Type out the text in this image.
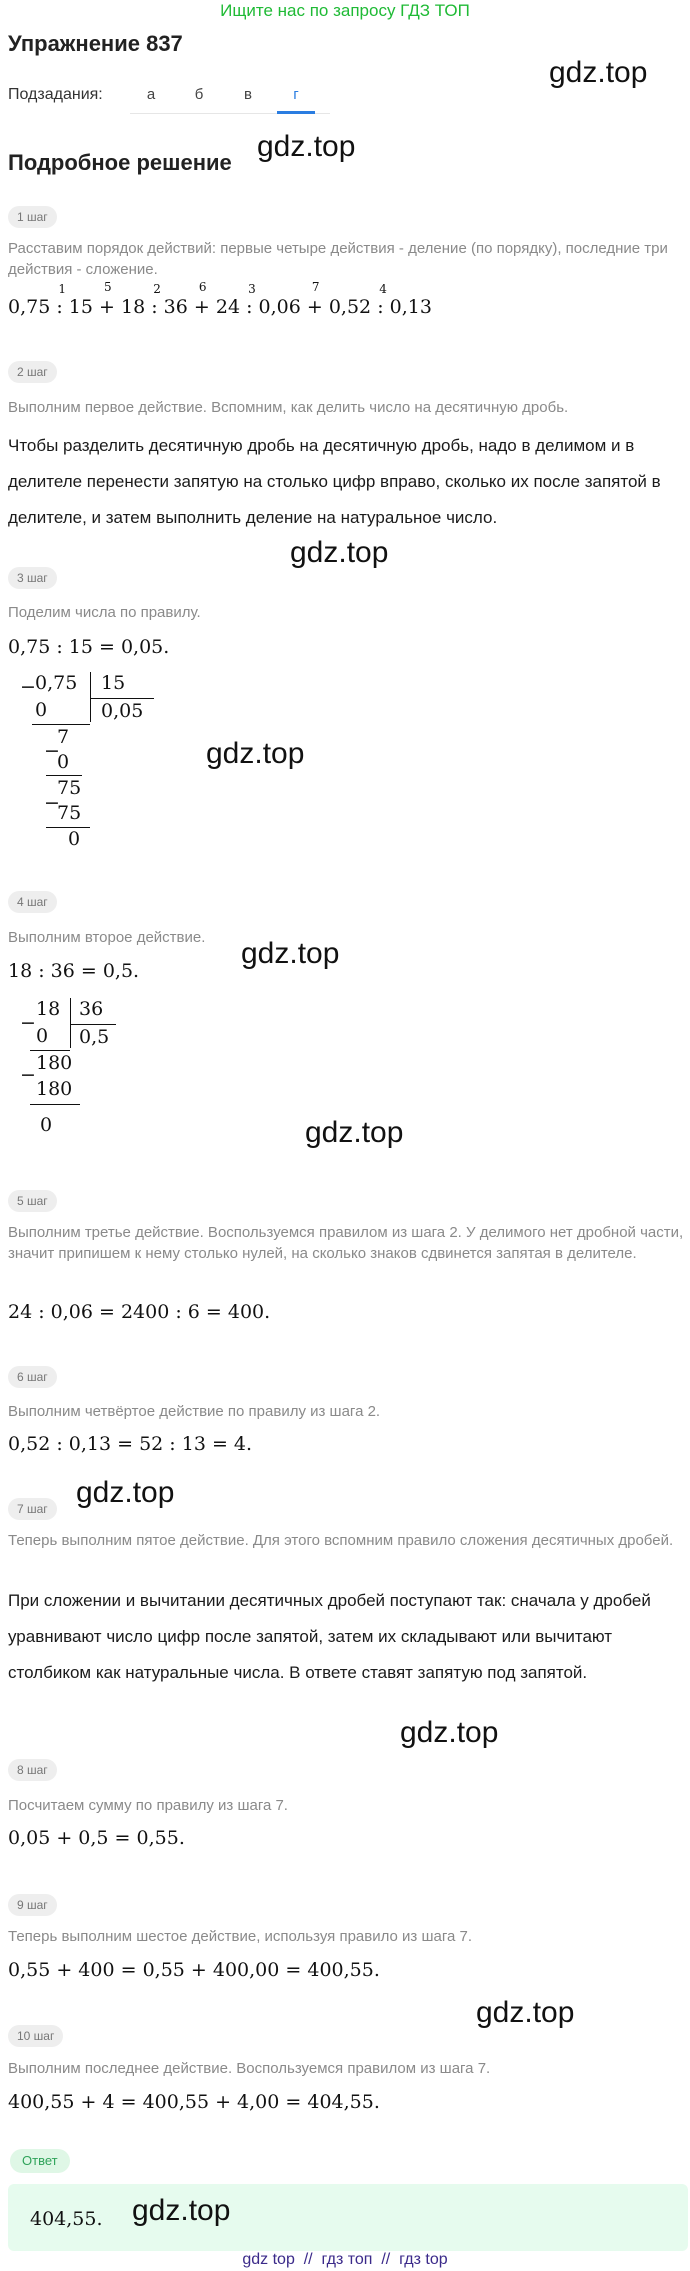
Ищите нас по запросу ГДЗ ТОП
Упражнение 837
gdz.top
Подзадания:	а	б	в	г
Подробное решение gdz.top
1 шаг
Расставим порядок действий: первые четыре действия - деление (по порядку), последние три действия - сложение.
0,75
1
: 15
5
+ 18
2
: 36
6
+ 24
3
: 0,06
7
+ 0,52
4
: 0,13
2 шаг
Выполним первое действие. Вспомним, как делить число на десятичную дробь.
Чтобы разделить десятичную дробь на десятичную дробь, надо в делимом и в делителе перенести запятую на столько цифр вправо, сколько их после запятой в делителе, и затем выполнить деление на натуральное число.
gdz.top
3 шаг
Поделим числа по правилу.
0,75 : 15 = 0,05.
− 0,75 15
0	0,05
7
−
0
75
−
75
0
gdz.top
4 шаг
Выполним второе действие.	gdz.top
18 : 36 = 0,5.
−
18 36
0 0,5
−
180
180
0	gdz.top
5 шаг
Выполним третье действие. Воспользуемся правилом из шага 2. У делимого нет дробной части, значит припишем к нему столько нулей, на сколько знаков сдвинется запятая в делителе.
24 : 0,06 = 2400 : 6 = 400.
6 шаг
Выполним четвёртое действие по правилу из шага 2.
0,52 : 0,13 = 52 : 13 = 4.
gdz.top
7 шаг
Теперь выполним пятое действие. Для этого вспомним правило сложения десятичных дробей.
При сложении и вычитании десятичных дробей поступают так: сначала у дробей уравнивают число цифр после запятой, затем их складывают или вычитают столбиком как натуральные числа. В ответе ставят запятую под запятой.
gdz.top
8 шаг
Посчитаем сумму по правилу из шага 7.
0,05 + 0,5 = 0,55.
9 шаг
Теперь выполним шестое действие, используя правило из шага 7.
0,55 + 400 = 0,55 + 400,00 = 400,55.
gdz.top
10 шаг
Выполним последнее действие. Воспользуемся правилом из шага 7.
400,55 + 4 = 400,55 + 4,00 = 404,55.
Ответ
404,55. gdz.top
gdz top // гдз топ // гдз top
